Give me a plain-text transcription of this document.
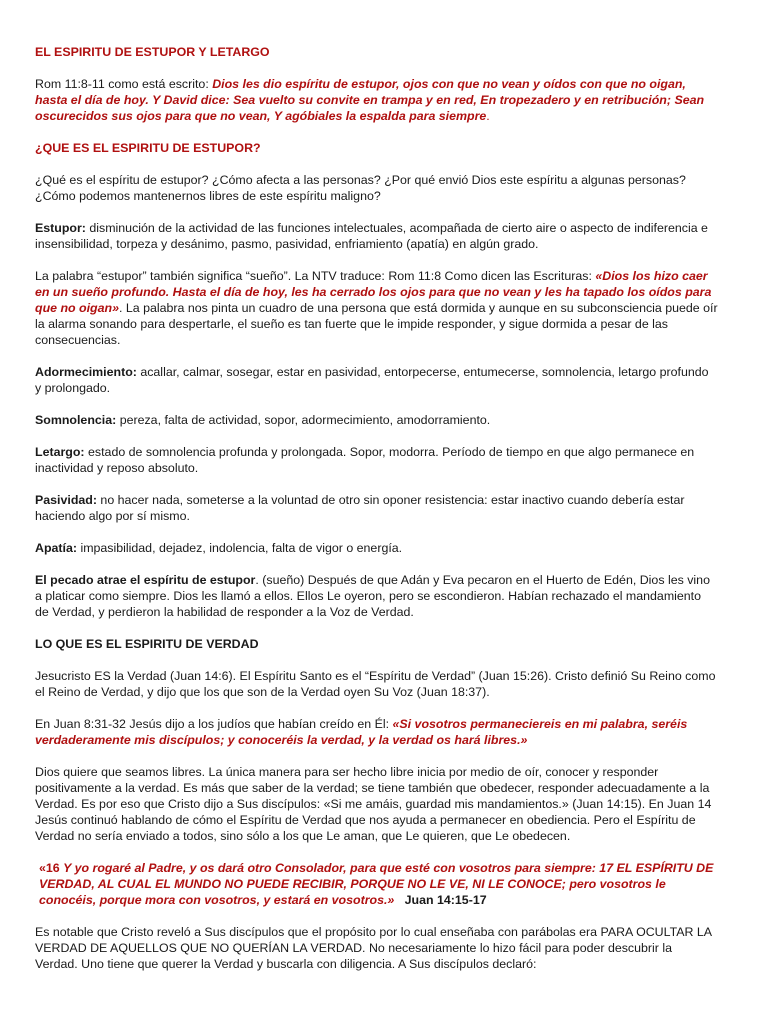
EL ESPIRITU DE ESTUPOR Y LETARGO

Rom 11:8-11 como está escrito: Dios les dio espíritu de estupor, ojos con que no vean y oídos con que no oigan, hasta el día de hoy. Y David dice: Sea vuelto su convite en trampa y en red, En tropezadero y en retribución; Sean oscurecidos sus ojos para que no vean, Y agóbiales la espalda para siempre.

¿QUE ES EL ESPIRITU DE ESTUPOR?

¿Qué es el espíritu de estupor? ¿Cómo afecta a las personas? ¿Por qué envió Dios este espíritu a algunas personas? ¿Cómo podemos mantenernos libres de este espíritu maligno?

Estupor: disminución de la actividad de las funciones intelectuales, acompañada de cierto aire o aspecto de indiferencia e insensibilidad, torpeza y desánimo, pasmo, pasividad, enfriamiento (apatía) en algún grado.

La palabra “estupor” también significa “sueño”. La NTV traduce: Rom 11:8 Como dicen las Escrituras: «Dios los hizo caer en un sueño profundo. Hasta el día de hoy, les ha cerrado los ojos para que no vean y les ha tapado los oídos para que no oigan». La palabra nos pinta un cuadro de una persona que está dormida y aunque en su subconsciencia puede oír la alarma sonando para despertarle, el sueño es tan fuerte que le impide responder, y sigue dormida a pesar de las consecuencias.

Adormecimiento: acallar, calmar, sosegar, estar en pasividad, entorpecerse, entumecerse, somnolencia, letargo profundo y prolongado.

Somnolencia: pereza, falta de actividad, sopor, adormecimiento, amodorramiento.

Letargo: estado de somnolencia profunda y prolongada. Sopor, modorra. Período de tiempo en que algo permanece en inactividad y reposo absoluto.

Pasividad: no hacer nada, someterse a la voluntad de otro sin oponer resistencia: estar inactivo cuando debería estar haciendo algo por sí mismo.

Apatía: impasibilidad, dejadez, indolencia, falta de vigor o energía.

El pecado atrae el espíritu de estupor. (sueño) Después de que Adán y Eva pecaron en el Huerto de Edén, Dios les vino a platicar como siempre. Dios les llamó a ellos. Ellos Le oyeron, pero se escondieron. Habían rechazado el mandamiento de Verdad, y perdieron la habilidad de responder a la Voz de Verdad.

LO QUE ES EL ESPIRITU DE VERDAD

Jesucristo ES la Verdad (Juan 14:6). El Espíritu Santo es el “Espíritu de Verdad” (Juan 15:26). Cristo definió Su Reino como el Reino de Verdad, y dijo que los que son de la Verdad oyen Su Voz (Juan 18:37).

En Juan 8:31-32 Jesús dijo a los judíos que habían creído en Él: «Si vosotros permaneciereis en mi palabra, seréis verdaderamente mis discípulos; y conoceréis la verdad, y la verdad os hará libres.»

Dios quiere que seamos libres. La única manera para ser hecho libre inicia por medio de oír, conocer y responder positivamente a la verdad. Es más que saber de la verdad; se tiene también que obedecer, responder adecuadamente a la Verdad. Es por eso que Cristo dijo a Sus discípulos: «Si me amáis, guardad mis mandamientos.» (Juan 14:15). En Juan 14 Jesús continuó hablando de cómo el Espíritu de Verdad que nos ayuda a permanecer en obediencia. Pero el Espíritu de Verdad no sería enviado a todos, sino sólo a los que Le aman, que Le quieren, que Le obedecen.

«16 Y yo rogaré al Padre, y os dará otro Consolador, para que esté con vosotros para siempre: 17 EL ESPÍRITU DE VERDAD, AL CUAL EL MUNDO NO PUEDE RECIBIR, PORQUE NO LE VE, NI LE CONOCE; pero vosotros le conocéis, porque mora con vosotros, y estará en vosotros.»   Juan 14:15-17

Es notable que Cristo reveló a Sus discípulos que el propósito por lo cual enseñaba con parábolas era PARA OCULTAR LA VERDAD DE AQUELLOS QUE NO QUERÍAN LA VERDAD. No necesariamente lo hizo fácil para poder descubrir la Verdad. Uno tiene que querer la Verdad y buscarla con diligencia. A Sus discípulos declaró:
